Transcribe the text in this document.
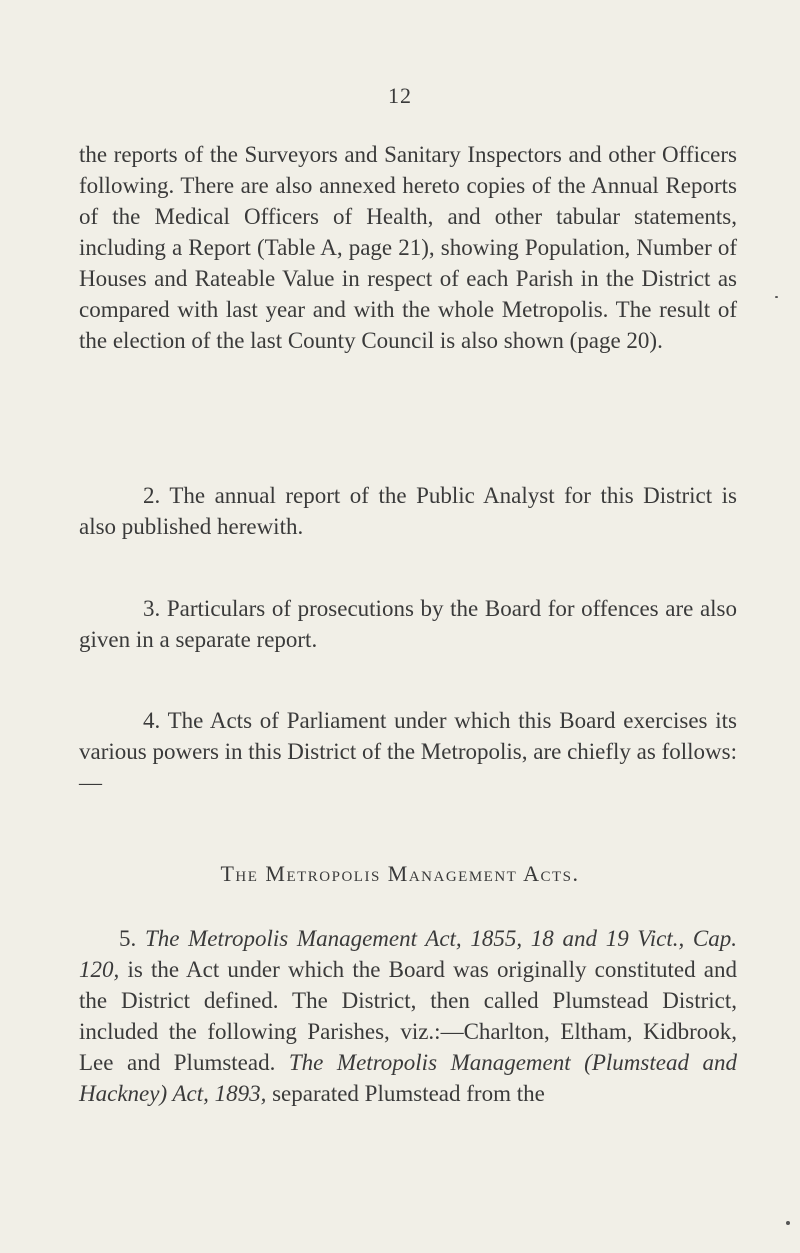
12
the reports of the Surveyors and Sanitary Inspectors and other Officers following. There are also annexed hereto copies of the Annual Reports of the Medical Officers of Health, and other tabular statements, including a Report (Table A, page 21), showing Population, Number of Houses and Rateable Value in respect of each Parish in the District as compared with last year and with the whole Metropolis. The result of the election of the last County Council is also shown (page 20).
2. The annual report of the Public Analyst for this District is also published herewith.
3. Particulars of prosecutions by the Board for offences are also given in a separate report.
4. The Acts of Parliament under which this Board exercises its various powers in this District of the Metropolis, are chiefly as follows:—
The Metropolis Management Acts.
5. The Metropolis Management Act, 1855, 18 and 19 Vict., Cap. 120, is the Act under which the Board was originally constituted and the District defined. The District, then called Plumstead District, included the following Parishes, viz.:—Charlton, Eltham, Kidbrook, Lee and Plumstead. The Metropolis Management (Plumstead and Hackney) Act, 1893, separated Plumstead from the
